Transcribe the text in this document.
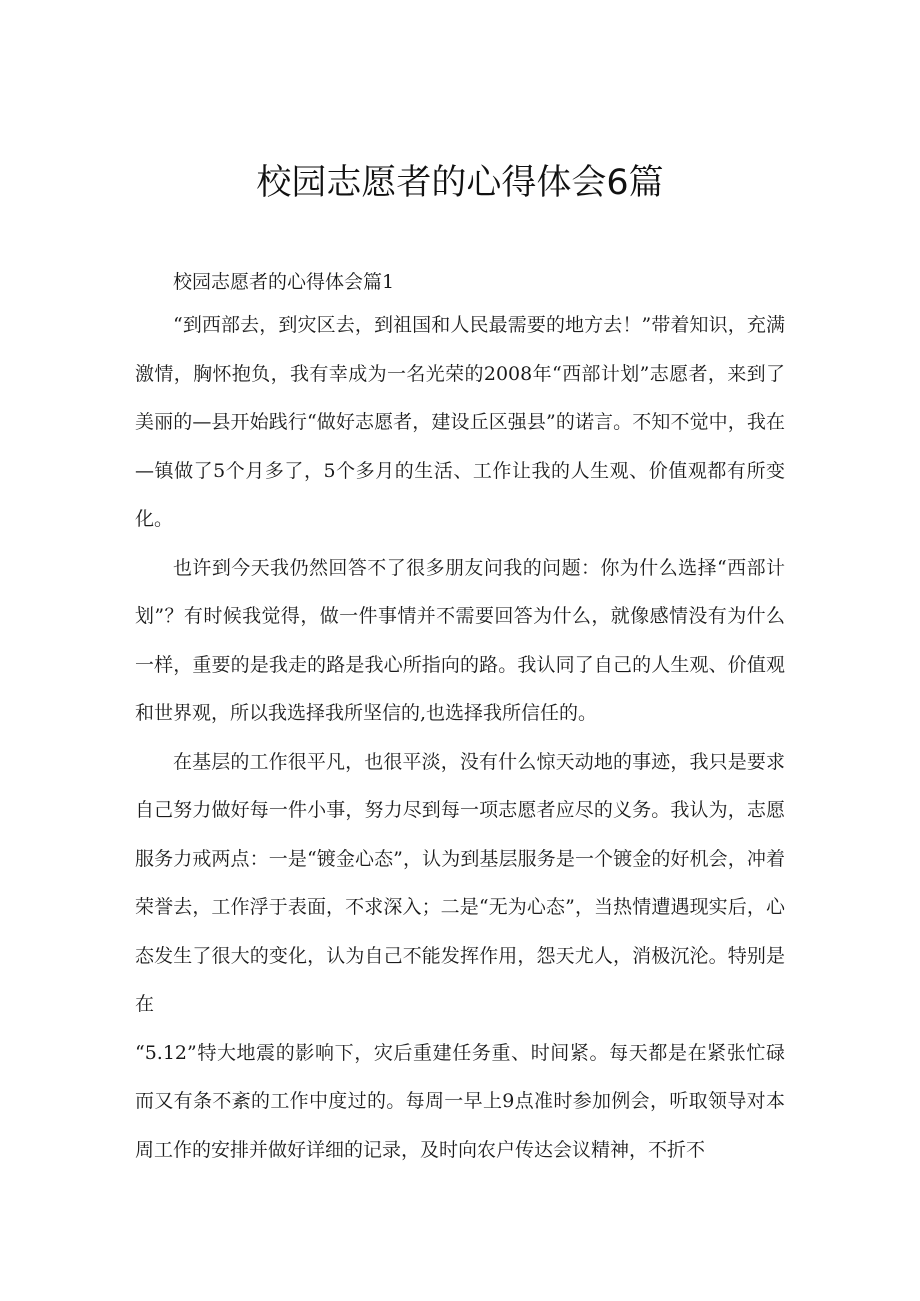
校园志愿者的心得体会6篇

校园志愿者的心得体会篇1

“到西部去，到灾区去，到祖国和人民最需要的地方去！”带着知识，充满激情，胸怀抱负，我有幸成为一名光荣的2008年“西部计划”志愿者，来到了美丽的—县开始践行“做好志愿者，建设丘区强县”的诺言。不知不觉中，我在—镇做了5个月多了，5个多月的生活、工作让我的人生观、价值观都有所变化。

也许到今天我仍然回答不了很多朋友问我的问题：你为什么选择“西部计划”？有时候我觉得，做一件事情并不需要回答为什么，就像感情没有为什么一样，重要的是我走的路是我心所指向的路。我认同了自己的人生观、价值观和世界观，所以我选择我所坚信的,也选择我所信任的。

在基层的工作很平凡，也很平淡，没有什么惊天动地的事迹，我只是要求自己努力做好每一件小事，努力尽到每一项志愿者应尽的义务。我认为，志愿服务力戒两点：一是“镀金心态”，认为到基层服务是一个镀金的好机会，冲着荣誉去，工作浮于表面，不求深入；二是“无为心态”，当热情遭遇现实后，心态发生了很大的变化，认为自己不能发挥作用，怨天尤人，消极沉沦。特别是在

“5.12”特大地震的影响下，灾后重建任务重、时间紧。每天都是在紧张忙碌而又有条不紊的工作中度过的。每周一早上9点准时参加例会，听取领导对本周工作的安排并做好详细的记录，及时向农户传达会议精神，不折不
